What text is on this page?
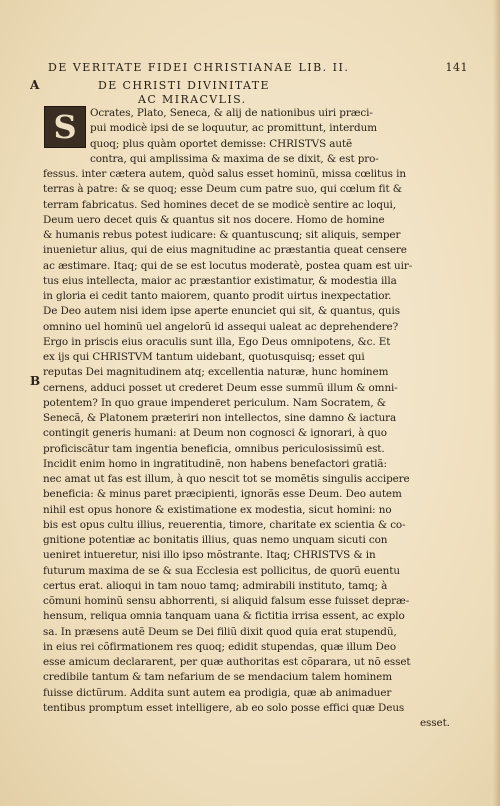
DE VERITATE FIDEI CHRISTIANAE LIB. II.	141
A
B
DE CHRISTI DIVINITATE
AC MIRACVLIS.
S Ocrates, Plato, Seneca, & alij de nationibus uiri præci-
pui modicè ipsi de se loquutur, ac promittunt, interdum
quoq; plus quàm oportet demisse: CHRISTVS autẽ
contra, qui amplissima & maxima de se dixit, & est pro-
fessus. inter cætera autem, quòd salus esset hominũ, missa cœlitus in
terras à patre: & se quoq; esse Deum cum patre suo, qui cœlum fit &
terram fabricatus. Sed homines decet de se modicè sentire ac loqui,
Deum uero decet quis & quantus sit nos docere. Homo de homine
& humanis rebus potest iudicare: & quantuscunq; sit aliquis, semper
inuenietur alius, qui de eius magnitudine ac præstantia queat censere
ac æstimare. Itaq; qui de se est locutus moderatè, postea quam est uir-
tus eius intellecta, maior ac præstantior existimatur, & modestia illa
in gloria ei cedit tanto maiorem, quanto prodit uirtus inexpectatior.
De Deo autem nisi idem ipse aperte enunciet qui sit, & quantus, quis
omnino uel hominũ uel angelorũ id assequi ualeat ac deprehendere?
Ergo in priscis eius oraculis sunt illa, Ego Deus omnipotens, &c. Et
ex ijs qui CHRISTVM tantum uidebant, quotusquisq; esset qui
reputas Dei magnitudinem atq; excellentia naturæ, hunc hominem
cernens, adduci posset ut crederet Deum esse summũ illum & omni-
potentem? In quo graue impenderet periculum. Nam Socratem, &
Senecã, & Platonem præteriri non intellectos, sine damno & iactura
contingit generis humani: at Deum non cognosci & ignorari, à quo
proficiscãtur tam ingentia beneficia, omnibus periculosissimũ est.
Incidit enim homo in ingratitudinẽ, non habens benefactori gratiã:
nec amat ut fas est illum, à quo nescit tot se momẽtis singulis accipere
beneficia: & minus paret præcipienti, ignorãs esse Deum. Deo autem
nihil est opus honore & existimatione ex modestia, sicut homini: no
bis est opus cultu illius, reuerentia, timore, charitate ex scientia & co-
gnitione potentiæ ac bonitatis illius, quas nemo unquam sicuti con
ueniret intueretur, nisi illo ipso mõstrante. Itaq; CHRISTVS & in
futurum maxima de se & sua Ecclesia est pollicitus, de quorũ euentu
certus erat. alioqui in tam nouo tamq; admirabili instituto, tamq; à
cõmuni hominũ sensu abhorrenti, si aliquid falsum esse fuisset depræ-
hensum, reliqua omnia tanquam uana & fictitia irrisa essent, ac explo
sa. In præsens autẽ Deum se Dei filiũ dixit quod quia erat stupendũ,
in eius rei cõfirmationem res quoq; edidit stupendas, quæ illum Deo
esse amicum declararent, per quæ authoritas est cõparara, ut nõ esset
credibile tantum & tam nefarium de se mendacium talem hominem
fuisse dictũrum. Addita sunt autem ea prodigia, quæ ab animaduer
tentibus promptum esset intelligere, ab eo solo posse effici quæ Deus
esset.
